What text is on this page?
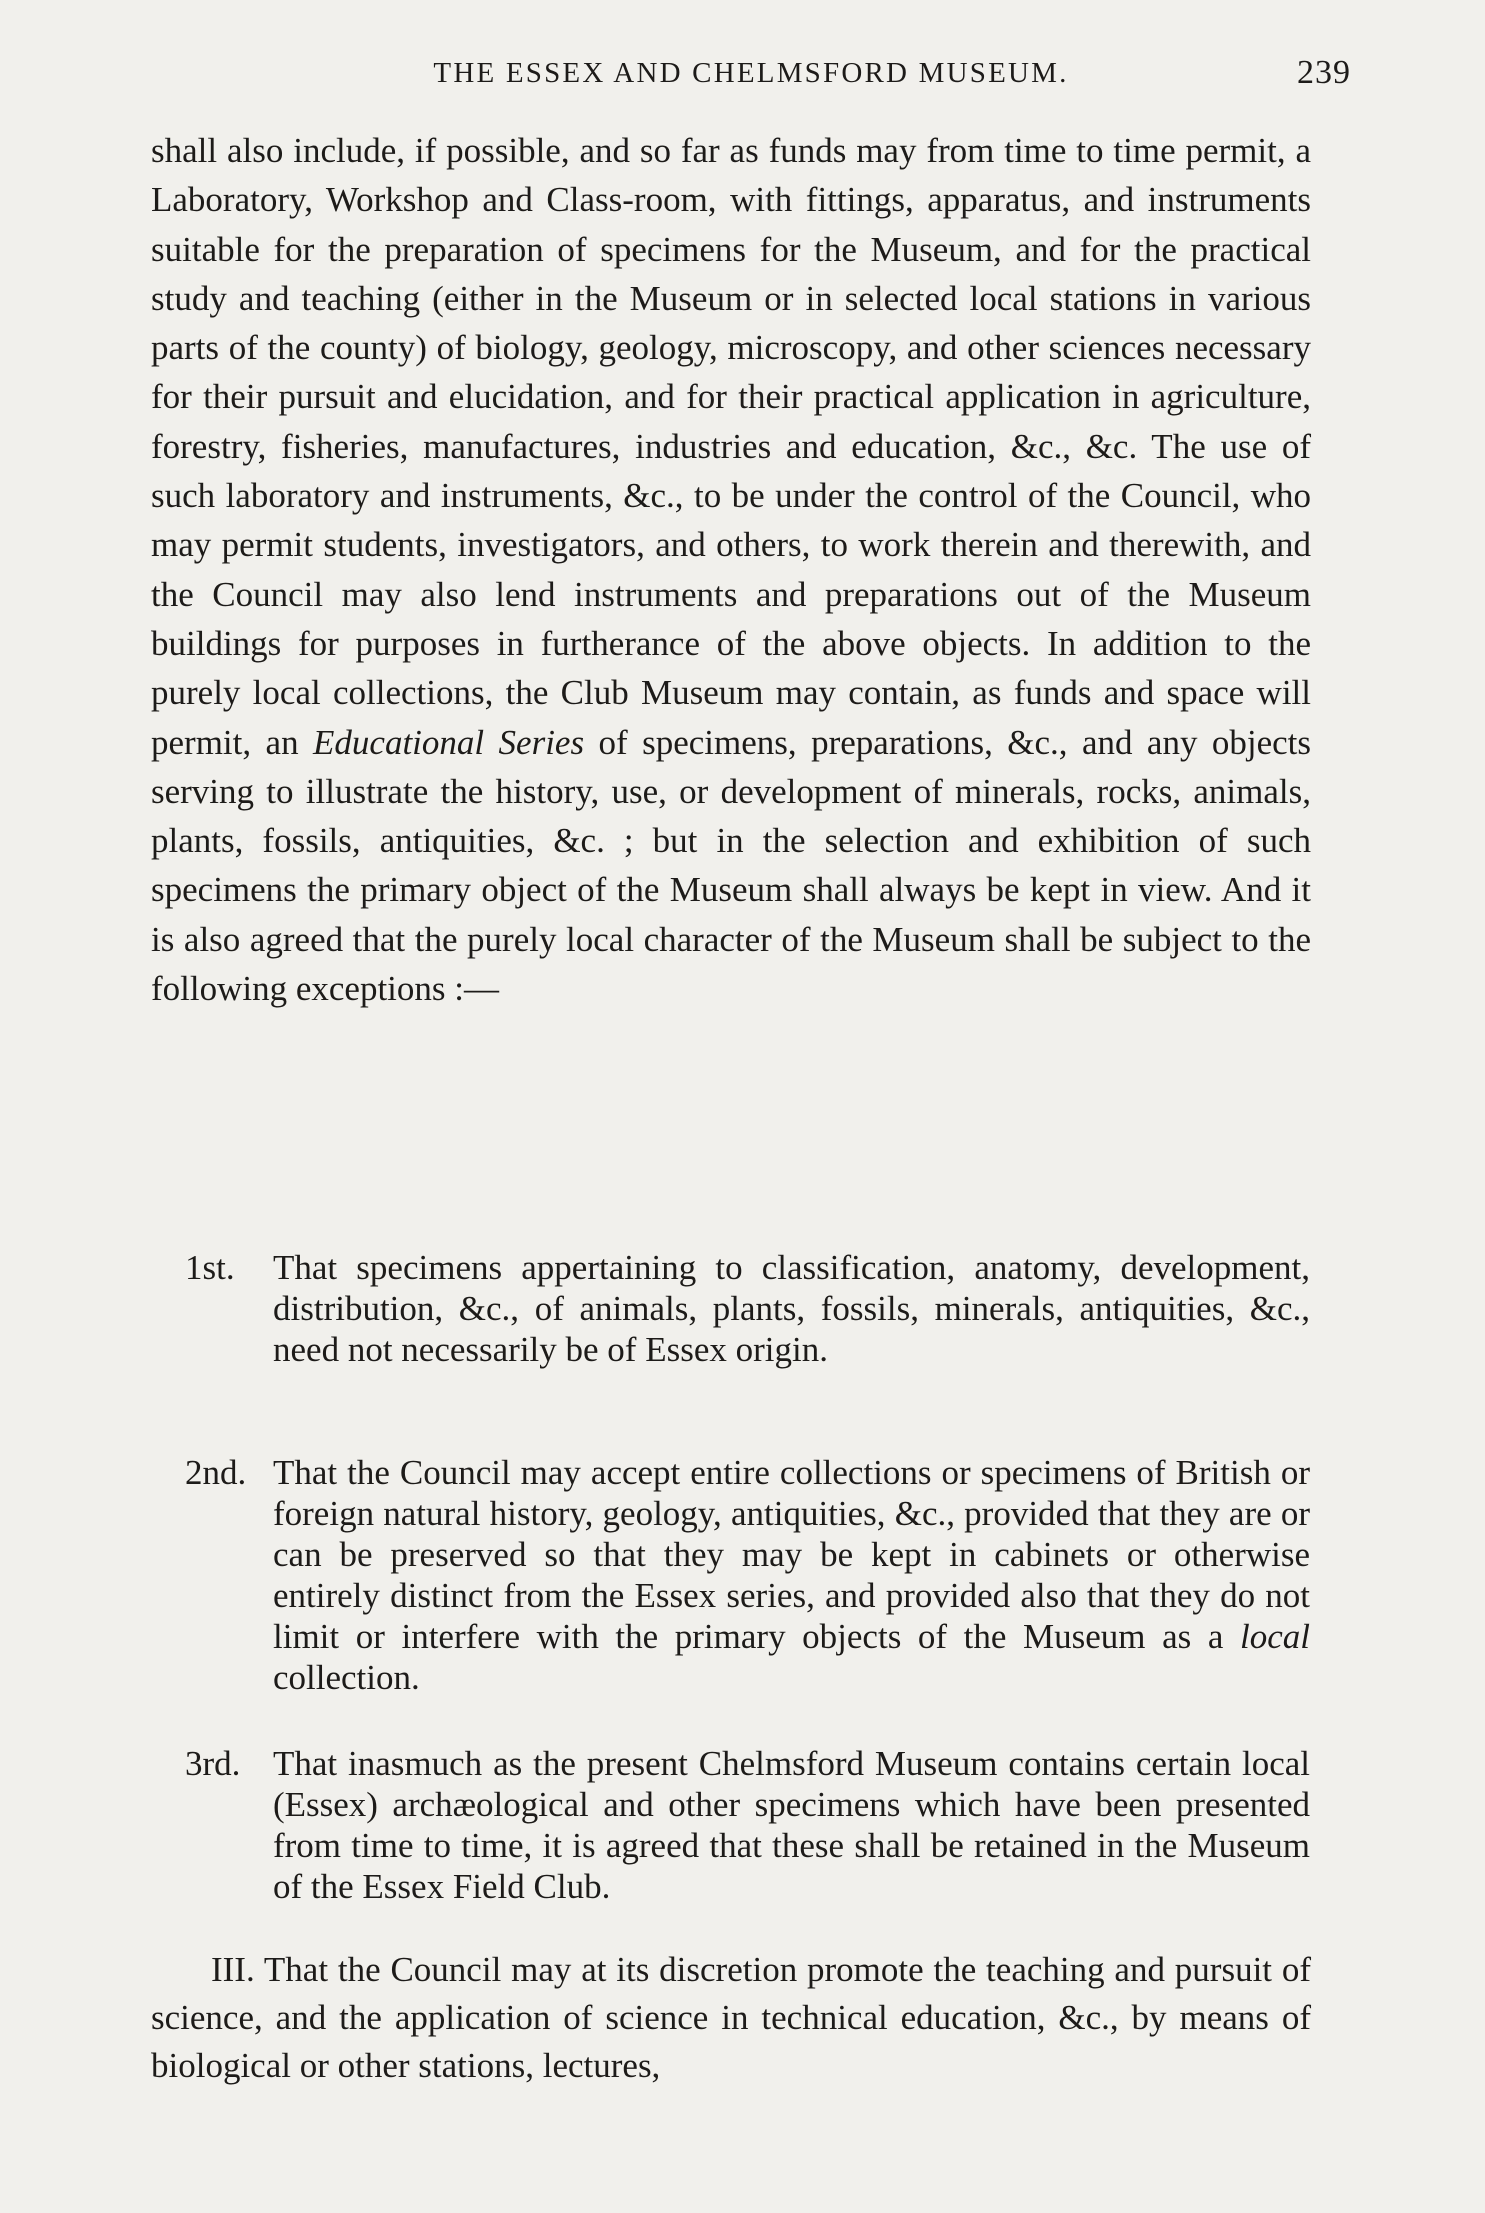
THE ESSEX AND CHELMSFORD MUSEUM.	239
shall also include, if possible, and so far as funds may from time to time permit, a Laboratory, Workshop and Class-room, with fittings, apparatus, and instruments suitable for the preparation of specimens for the Museum, and for the practical study and teaching (either in the Museum or in selected local stations in various parts of the county) of biology, geology, microscopy, and other sciences necessary for their pursuit and elucidation, and for their practical application in agriculture, forestry, fisheries, manufactures, industries and education, &c., &c. The use of such laboratory and instruments, &c., to be under the control of the Council, who may permit students, investigators, and others, to work therein and therewith, and the Council may also lend instruments and preparations out of the Museum buildings for purposes in furtherance of the above objects. In addition to the purely local collections, the Club Museum may contain, as funds and space will permit, an Educational Series of specimens, preparations, &c., and any objects serving to illustrate the history, use, or development of minerals, rocks, animals, plants, fossils, antiquities, &c. ; but in the selection and exhibition of such specimens the primary object of the Museum shall always be kept in view. And it is also agreed that the purely local character of the Museum shall be subject to the following exceptions :—
1st.	That specimens appertaining to classification, anatomy, development, distribution, &c., of animals, plants, fossils, minerals, antiquities, &c., need not necessarily be of Essex origin.
2nd. That the Council may accept entire collections or specimens of British or foreign natural history, geology, antiquities, &c., provided that they are or can be preserved so that they may be kept in cabinets or otherwise entirely distinct from the Essex series, and provided also that they do not limit or interfere with the primary objects of the Museum as a local collection.
3rd. That inasmuch as the present Chelmsford Museum contains certain local (Essex) archæological and other specimens which have been presented from time to time, it is agreed that these shall be retained in the Museum of the Essex Field Club.
III. That the Council may at its discretion promote the teaching and pursuit of science, and the application of science in technical education, &c., by means of biological or other stations, lectures,
